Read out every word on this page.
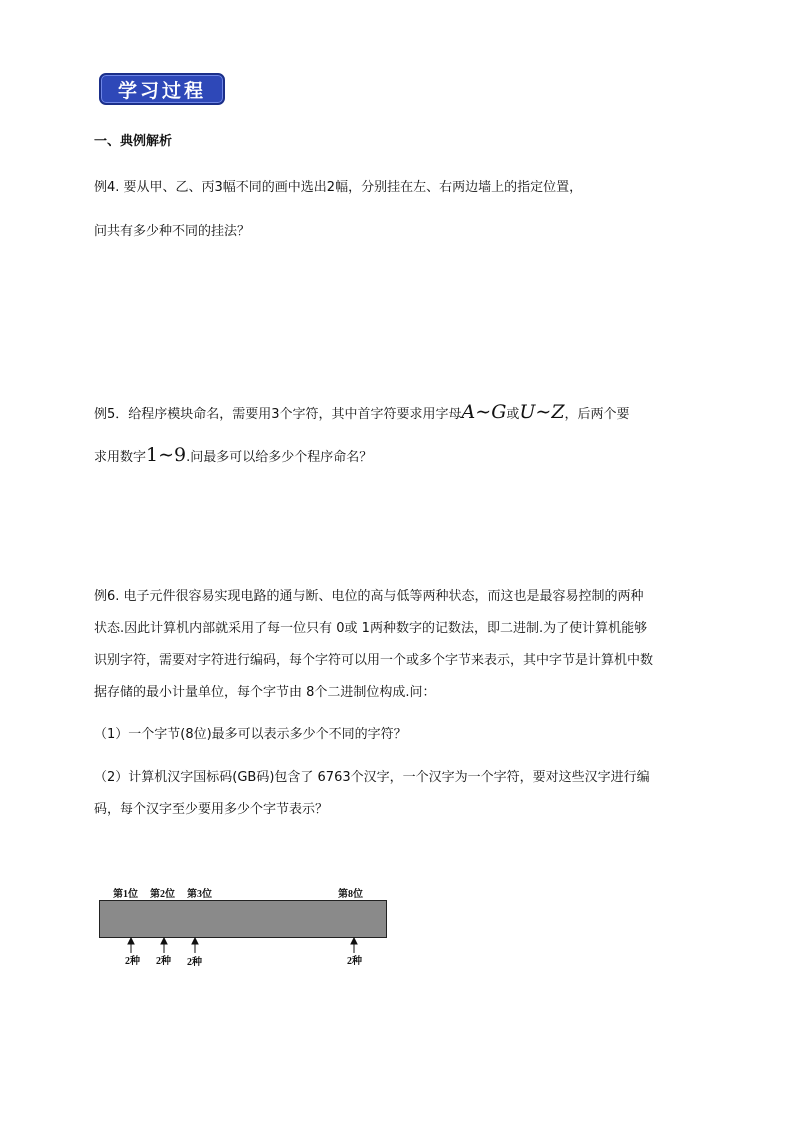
学习过程
一、典例解析
例4. 要从甲、乙、丙3幅不同的画中选出2幅，分别挂在左、右两边墙上的指定位置，
问共有多少种不同的挂法？
例5．给程序模块命名，需要用3个字符，其中首字符要求用字母A∼G或U∼Z，后两个要
求用数字1∼9.问最多可以给多少个程序命名？
例6. 电子元件很容易实现电路的通与断、电位的高与低等两种状态，而这也是最容易控制的两种
状态.因此计算机内部就采用了每一位只有 0或 1两种数字的记数法，即二进制.为了使计算机能够
识别字符，需要对字符进行编码，每个字符可以用一个或多个字节来表示，其中字节是计算机中数
据存储的最小计量单位，每个字节由 8个二进制位构成.问：
（1）一个字节(8位)最多可以表示多少个不同的字符？
（2）计算机汉字国标码(GB码)包含了 6763个汉字，一个汉字为一个字符，要对这些汉字进行编
码，每个汉字至少要用多少个字节表示？
第1位 第2位 第3位	第8位
2种 2种 2种	2种
